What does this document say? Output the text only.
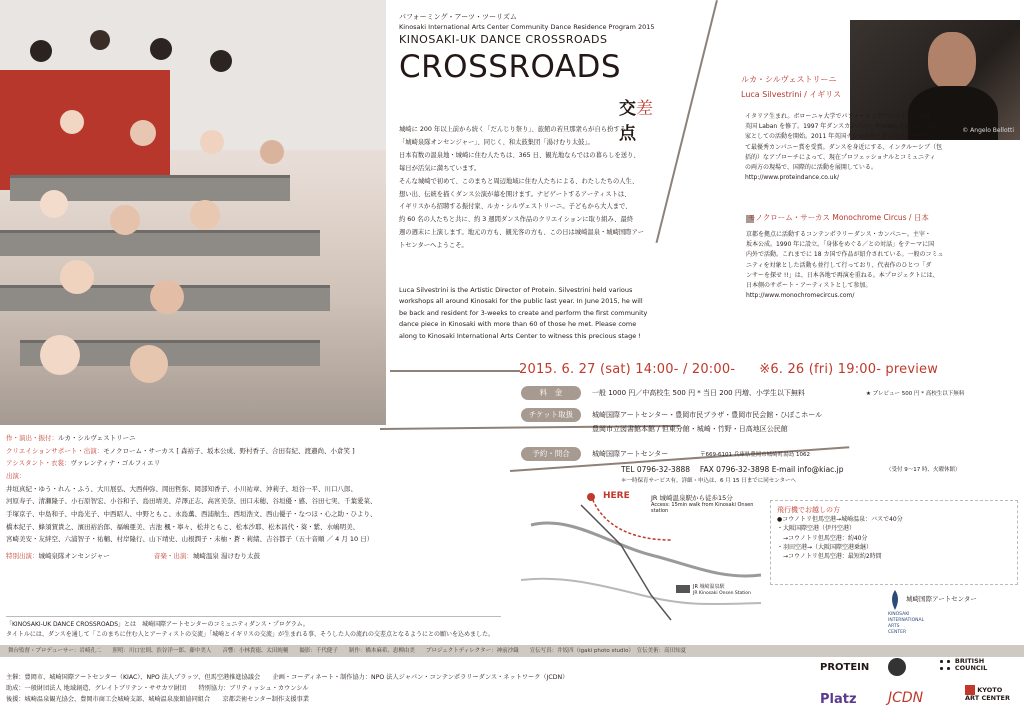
パフォーミング・アーツ・ツーリズム
Kinosaki International Arts Center Community Dance Residence Program 2015
KINOSAKI-UK DANCE CROSSROADS
CROSSROADS
交差点
城崎に 200 年以上前から続く「だんじり祭り」、旅館の若旦那衆らが自ら扮する
「城崎泉隊オンセンジャー」、同じく、和太鼓集団「湯けむり太鼓」。
日本有数の温泉地・城崎に住む人たちは、365 日、観光地ならではの暮らしを送り、
毎日が活気に満ちています。
そんな城崎で初めて、このまちと周辺地域に住む人たちによる、わたしたちの人生、
想い出、伝統を描くダンス公演が幕を開けます。ナビゲートするアーティストは、
イギリスから招聘する振付家、ルカ・シルヴェストリーニ。子どもから大人まで、
約 60 名の人たちと共に、約 3 週間ダンス作品のクリエイションに取り組み、最終
週の週末に上演します。地元の方も、観光客の方も、この日は城崎温泉・城崎国際アー
トセンターへようこそ。
Luca Silvestrini is the Artistic Director of Protein. Silvestrini held various
workshops all around Kinosaki for the public last year. In June 2015, he will
be back and resident for 3-weeks to create and perform the first community
dance piece in Kinosaki with more than 60 of those he met. Please come
along to Kinosaki International Arts Center to witness this precious stage !
© Angelo Bellotti
ルカ・シルヴェストリーニ
Luca Silvestrini / イギリス
イタリア生まれ。ボローニャ大学でパフォーミングアートを学んだ後、
英国 Laban を修了。1997 年ダンスカンパニー Protein を設立し、振付
家としての活動を開始。2011 年英国ナショナル・ダンス・アワードに
て最優秀カンパニー賞を受賞。ダンスを身近にする、インクルーシブ（包
括的）なアプローチによって、現在プロフェッショナルとコミュニティ
の両方の現場で、国際的に活動を展開している。
http://www.proteindance.co.uk/
モノクローム・サーカス Monochrome Circus / 日本
京都を拠点に活動するコンテンポラリーダンス・カンパニー。主宰・
坂本公成。1990 年に設立。「身体をめぐる／との対話」をテーマに国
内外で活動。これまでに 18 カ国で作品が紹介されている。一般のコミュ
ニティを対象とした活動も並行して行っており、代表作のひとつ「ダ
ンサーを探せ !!」は、日本各地で再演を重ねる。本プロジェクトには、
日本側のサポート・アーティストとして参加。
http://www.monochromecircus.com/
2015. 6. 27 (sat) 14:00- / 20:00- ※6. 26 (fri) 19:00- preview
料　金	一般 1000 円／中高校生 500 円 * 当日 200 円増、小学生以下無料	★ プレビュー 500 円 * 高校生以下無料
チケット取扱	城崎国際アートセンター・豊岡市民プラザ・豊岡市民会館・ひぼこホール
豊岡市立図書館本館 / 但東分館・城崎・竹野・日高地区公民館
予約・問合	城崎国際アートセンター	〒669-6101 兵庫県豊岡市城崎町湯島 1062
TEL 0796-32-3888　 FAX 0796-32-3898 E-mail info@kiac.jp	（受付 9～17 時、火曜休館）
＊一時保育サービス有。詳細・申込は、6 月 15 日までに同センターへ
作・演出・振付：ルカ・シルヴェストリーニ
クリエイションサポート・出演：モノクローム・サーカス [ 森裕子、坂本公成、野村香子、合田有紀、渡邉尚、小倉笑 ]
アシスタント・衣裳：ヴァレンティナ・ゴルフィエリ
出演：
井垣真紀・ゆう・れん・ふう、大川展弘、大西伸弥、岡田哲弥、岡部知香子、小川祐章、沖莉子、垣谷一平、川口八郎、
河原寿子、清瀬隆子、小石原智宏、小谷和子、島田靖美、芹澤正志、高宮美奈、田口未穂、谷垣優・感、谷田七実、千葉愛菜、
手塚京子、中島和子、中島光子、中西昭人、中野ともこ、永島薫、西浦航生、西垣浩文、西山優子・なつほ・心之助・ひより、
橋本紀子、蜂須賀貴之、濱田裕治郎、福嶋亜美、古池 楓・寧々、松井ともこ、松本沙耶、松本昌代・葵・紫、水嶋明美、
宮崎美安・友絆空、六浦智子・祐輔、村岸隆行、山下靖史、山根潤子・未柚・蒼・莉緒、吉谷都子（五十音順 ／ 4 月 10 日）
特別出演：城崎泉隊オンセンジャー	音楽・出演：城崎温泉 湯けむり太鼓
「KINOSAKI-UK DANCE CROSSROADS」とは　城崎国際アートセンターのコミュニティダンス・プログラム。
タイトルには、ダンスを通して「このまちに住む人とアーティストの交流」「城崎とイギリスの交流」が生まれる事、そうした人の流れの交差点となるようにとの願いを込めました。
HERE	JR 城崎温泉駅から徒歩15分
Access: 15min walk from Kinosaki Onsen station
JR 城崎温泉駅
JR Kinosaki Onsen Station
飛行機でお越しの方
●コウノトリ但馬空港→城崎温泉：バスで40分
・大阪国際空港（伊丹空港）
　→コウノトリ但馬空港：約40分
・羽田空港→（大阪国際空港乗継）
　→コウノトリ但馬空港：最短約2時間
城崎国際アートセンター
KINOSAKI
INTERNATIONAL
ARTS
CENTER
舞台監督・プロデューサー：岩崎孔二　　照明：川口宏則、渋谷洋一郎、藤中美人　　音響：小林貴徳、太田純輔　　撮影：千代健子　　制作：橋本麻希、恵柳由美　　プロジェクトディレクター：神前沙織　　宣伝写真：井坂四（igaki photo studio）　宣伝美術：高田知夏
主催：豊岡市、城崎国際アートセンター（KIAC）、NPO 法人プラッツ、但馬空港推進協議会　　企画・コーディネート・制作協力：NPO 法人ジャパン・コンテンポラリーダンス・ネットワーク（JCDN）
助成：一般財団法人 地域創造、グレイトブリテン・ササカワ財団　　特別協力：ブリティッシュ・カウンシル
後援：城崎温泉観光協会、豊岡市商工会城崎支部、城崎温泉旅館協同組合　　京都芸術センター制作支援事業
PROTEIN
BRITISH COUNCIL
Platz JCDN	KYOTO ART CENTER
